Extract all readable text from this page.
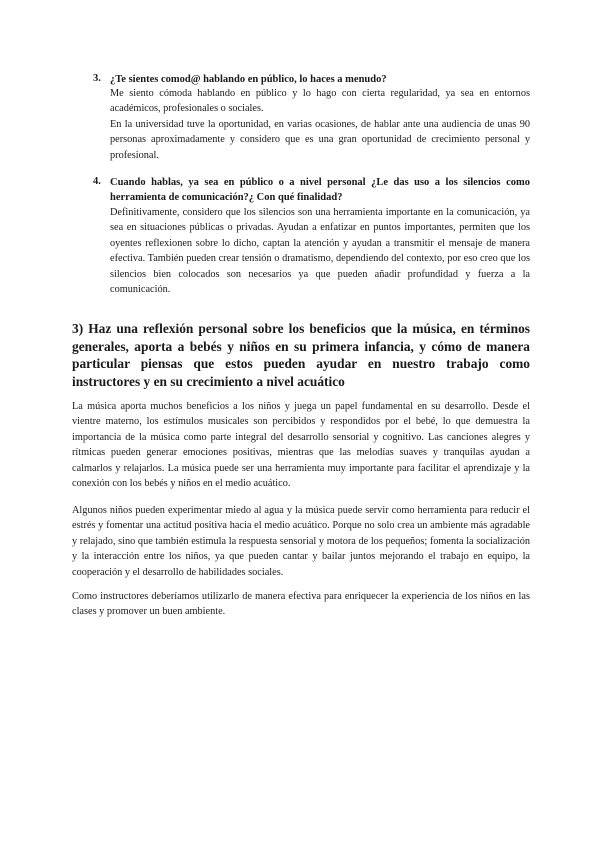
3. ¿Te sientes comod@ hablando en público, lo haces a menudo?

Me siento cómoda hablando en público y lo hago con cierta regularidad, ya sea en entornos académicos, profesionales o sociales.

En la universidad tuve la oportunidad, en varias ocasiones, de hablar ante una audiencia de unas 90 personas aproximadamente y considero que es una gran oportunidad de crecimiento personal y profesional.

4. Cuando hablas, ya sea en público o a nivel personal ¿Le das uso a los silencios como herramienta de comunicación?¿ Con qué finalidad?

Definitivamente, considero que los silencios son una herramienta importante en la comunicación, ya sea en situaciones públicas o privadas. Ayudan a enfatizar en puntos importantes, permiten que los oyentes reflexionen sobre lo dicho, captan la atención y ayudan a transmitir el mensaje de manera efectiva. También pueden crear tensión o dramatismo, dependiendo del contexto, por eso creo que los silencios bien colocados son necesarios ya que pueden añadir profundidad y fuerza a la comunicación.

3) Haz una reflexión personal sobre los beneficios que la música, en términos generales, aporta a bebés y niños en su primera infancia, y cómo de manera particular piensas que estos pueden ayudar en nuestro trabajo como instructores y en su crecimiento a nivel acuático

La música aporta muchos beneficios a los niños y juega un papel fundamental en su desarrollo. Desde el vientre materno, los estímulos musicales son percibidos y respondidos por el bebé, lo que demuestra la importancia de la música como parte integral del desarrollo sensorial y cognitivo. Las canciones alegres y rítmicas pueden generar emociones positivas, mientras que las melodías suaves y tranquilas ayudan a calmarlos y relajarlos. La música puede ser una herramienta muy importante para facilitar el aprendizaje y la conexión con los bebés y niños en el medio acuático.

Algunos niños pueden experimentar miedo al agua y la música puede servir como herramienta para reducir el estrés y fomentar una actitud positiva hacia el medio acuático. Porque no solo crea un ambiente más agradable y relajado, sino que también estimula la respuesta sensorial y motora de los pequeños; fomenta la socialización y la interacción entre los niños, ya que pueden cantar y bailar juntos mejorando el trabajo en equipo, la cooperación y el desarrollo de habilidades sociales.

Como instructores deberíamos utilizarlo de manera efectiva para enriquecer la experiencia de los niños en las clases y promover un buen ambiente.
